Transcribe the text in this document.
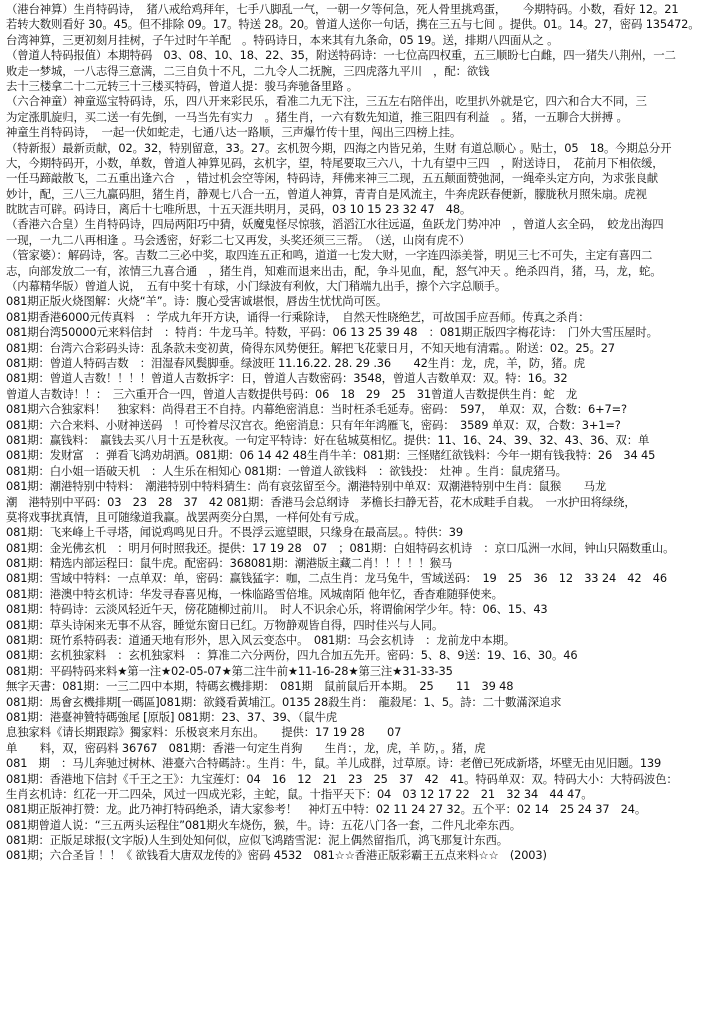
（港台神算）生肖特码诗，　猪八戒给鸡拜年，七手八脚乱一气，一朝一夕等何急，死人骨里挑鸡蛋，　　今期特码。小数，看好 12。21
若转大数则看好 30。45。但不排除 09。17。特送 28。20。曾道人送你一句话，携在三五与七间 。提供。01。14。27，密码 135472。
台湾神算，三更初刻月挂树，子午过时午羊配　。特码诗日，本来其有九条命，05 19。送，排期八四面从之 。
（曾道人特码报值）本期特码　03、08、10、18、22、35，附送特码诗：一七位高四权重，五三顺盼七白雌，四一猪失八荆州，一二
败走一梦城，一八志得三意满，二三自负十不凡，二九令人二抚腕，三四虎落九平川　，配：欲钱
去十三楼拿二十二元转三十三楼买特码，曾道人提：骏马奔驰备里路 。
（六合神童）神童巡宝特码诗，乐，四八开来彩民乐，看准二九无下注，三五左右陪伴出，吃里扒外就是它，四六和合大不同，三
为定涨肌旋归，买二送一有先倒，一马当先有实力　。猪生肖，一六有数先知道，推三阻四有利益　。猪，一五聊合大拼搏 。
神童生肖特码诗，　一起一伏如蛇走，七通八达一路顺，三声爆竹传十里，闯出三四榜上挂。
（特新报）最新贡献，02。32，特别留意，33。27。玄机贺今期，四海之内皆兄弟，生财 有道总顺心 。贴士，05　18。今期总分开
大，今期特码开，小数，单数，曾道人神算见码，玄机字，望，特尾要取三六八，十九有望中三四　，附送诗日，　花前月下相依缓，
一任马蹄敲散飞，二五重出逢六合　，错过机会空等闲，特码诗，拜佛来神三二现，五五颠面赞弛洞，一绳牵头定方向，为求张良献
妙计，配，三八三九赢码胆，猪生肖，静观七八合一五，曾道人神算，青青自是风流主，牛奔虎跃春便新，朦胧秋月照朱扇。虎视
眈眈吉可辟。码诗日，离后十七唯所思，十五天涯共明月，灵码，03 10 15 23 32 47　48。
（香港六合皇）生肖特码诗，四局两阳巧中猜，妖魔鬼怪尽惊骇，滔滔江水往远逼，鱼跃龙门势冲冲　，曾道人玄全码，　蛟龙出海四
一现，一九二八再相逢 。马会透密，好彩二七又再发，头奖还须三三帮。　（送，山岗有虎不）
（管家婆）：解码诗，客。吉数二三必中奖，取四连五正和鸣，道道一七发大财，一字连四添美誉，明见三七不可失，主定有喜四二
志，向部发放二一有，浓情三九喜合通　，猪生肖，知难而退来出击，配，争斗见血，配，怒气冲天 。绝杀四肖，猪，马，龙，蛇。
（内幕精华版）曾道人说，　五有中奖十有球，小门绿波有利攸，大门稍端九出手，擦个六字总顺手。
081期正版火烧图解：火烧“羊”。诗：腹心受害诚堪恨，唇齿生忧忧尚可医。
081期香港6000元传真料　：学成九年开方诀，诵得一行乘除诗，　自然天性晓绝艺，可故国手应吾师。传真之杀肖：
081期台湾50000元来料信封　：特肖：牛龙马羊。特数，平码：06 13 25 39 48　：081期正版四字梅花诗：　门外大雪压屋时。
081期：台湾六合彩码头诗：乱条款未变初黄，倚得东风势便狂。解把飞花蒙日月，不知天地有清霜。。附送：02。25。27
081期：曾道人特码吉数　：泪湿春风鬓脚垂。绿波旺 11.16.22. 28. 29 .36　　42生肖：龙，虎，羊，防，猪。虎
081期：曾道人吉数！！！！曾道人吉数拆字：日，曾道人吉数密码：3548，曾道人吉数单双：双。特：16。32
曾道人吉数诗！！：　三六重开合一四，曾道人吉数提供号码：06　18　29　25　31曾道人吉数提供生肖：蛇　龙
081期六合独家料！　独家料：尚得君王不自持。内幕绝密消息：当时枉杀毛延寿。密码：　597，　单双：双，合数：6+7=?
081期：六合来料、小财神送码　！可怜着尽汉宫衣。绝密消息：只有年年鸿雁飞，密码：　3589 单双：双，合数：3+1=?
081期：赢钱料：　赢钱去买八月十五是秋夜。一句定平特诗：好在毡城莫相忆。提供：11、16、24、39、32、43、36、双：单
081期：发财富　：弹看飞鸿劝胡酒。081期：06 14 42 48生肖牛羊：081期：三怪赌红欲钱料：今年一期有钱我特：26　34 45
081期：白小姐一语破天机　：人生乐在相知心 081期：一曾道人欲钱料　：欲钱投：　灶神 。生肖：鼠虎猪马。
081期：潮港特别中特料：　潮港特别中特料猜生：尚有哀弦留至今。潮港特别中单双：双潮港特别中生肖：鼠猴　　马龙
潮　港特别中平码：03　23　28　37　42 081期：香港马会总纲诗　茅檐长扫静无苔，花木成畦手自栽。　一水护田将绿绕，
莫将戏事扰真情，且可随缘道我赢。战罢两奕分白黑，一样何处有亏成。
081期：飞来峰上千寻塔，闻说鸡鸣见日升。不畏浮云遮望眼，只缘身在最高层。。特供：39
081期：金光佛玄机　：明月何时照我还。提供：17 19 28　07　；081期：白姐特码玄机诗　：京口瓜洲一水间，钟山只隔数重山。
081期：精选内部运程曰：鼠牛虎。配密码：368081期：潮港版主藏二肖！！！！！猴马
081期：雪域中特料：一点单双：单，密码：赢钱猛字：咖，二点生肖：龙马兔牛，雪域送码：　19　25　36　12　33 24　42　46
081期：港澳中特玄机诗：华发寻春喜见梅，一株临路雪倍堆。风城南陌 他年忆，香杳难随驿使来。
081期：特码诗：云淡风轻近午天，傍花随柳过前川。　时人不识余心乐，将谓偷闲学少年。特：06、15、43
081期：草头诗闲来无事不从容，睡觉东窗日已红。万物静观皆自得，四时佳兴与人同。
081期：斑竹系特码表：道通天地有形外，思入风云变态中。　081期：马会玄机诗　：龙前龙中本期。
081期：玄机独家料　：玄机独家料　：算准二六分两份，四九合加五先开。密码：5、8、9送：19、16、30。46
081期：平码特码来料★第一注★02-05-07★第二注牛前★11-16-28★第三注★31-33-35
無字天書：081期：一三二四中本期，特碼玄機排期：　081期　鼠前鼠后开本期。　25　　11　39 48
081期：馬會玄機排期[一碼區]081期：欲錢看黃埔江。0135 28殺生肖：　龍殺尾：1、5。詩：二十數滿深追求
081期：港臺神贊特碼強尾 [原版] 081期：23、37、39、（鼠牛虎
息独家料《请长期跟踪》獨家料：乐极哀来月东出。　　提供：17 19 28　　07
单　　料，双，密码料 36767　081期：香港一句定生肖狗　　生肖：，龙，虎，羊 防，。猪，虎
081　期　：马儿奔驰过树林、港臺六合特碼詩：。生肖：牛，鼠。羊儿成群，过草原。诗：老僧已死成新塔，坏壁无由见旧题。139
081期：香港地下信封《千王之王》：九宝莲灯：04　16　12　21　23　25　37　42　41。特码单双：双。特码大小：大特码波色：
生肖玄机诗：红花一开二四朵，风过一四成光彩，主蛇，鼠。十指平天下：04　03 12 17 22　21　32 34　44 47。
081期正版神打赞：龙。此乃神打特码绝杀，请大家参考！　神灯五中特：02 11 24 27 32。五个平：02 14　25 24 37　24。
081期曾道人说：“三五两头运程住”081期火车烧伤，猴，牛。诗：五花八门各一套，二件凡北牵东西。
081期：正版足球报(文字版)人生到处知何似，应似飞鸿踏雪泥：泥上偶然留指爪，鸿飞那复计东西。
081期；六合圣旨 ！！《 欲钱看大唐双龙传的》密码 4532　081☆☆香港正版彩霸王五点来料☆☆　(2003)
